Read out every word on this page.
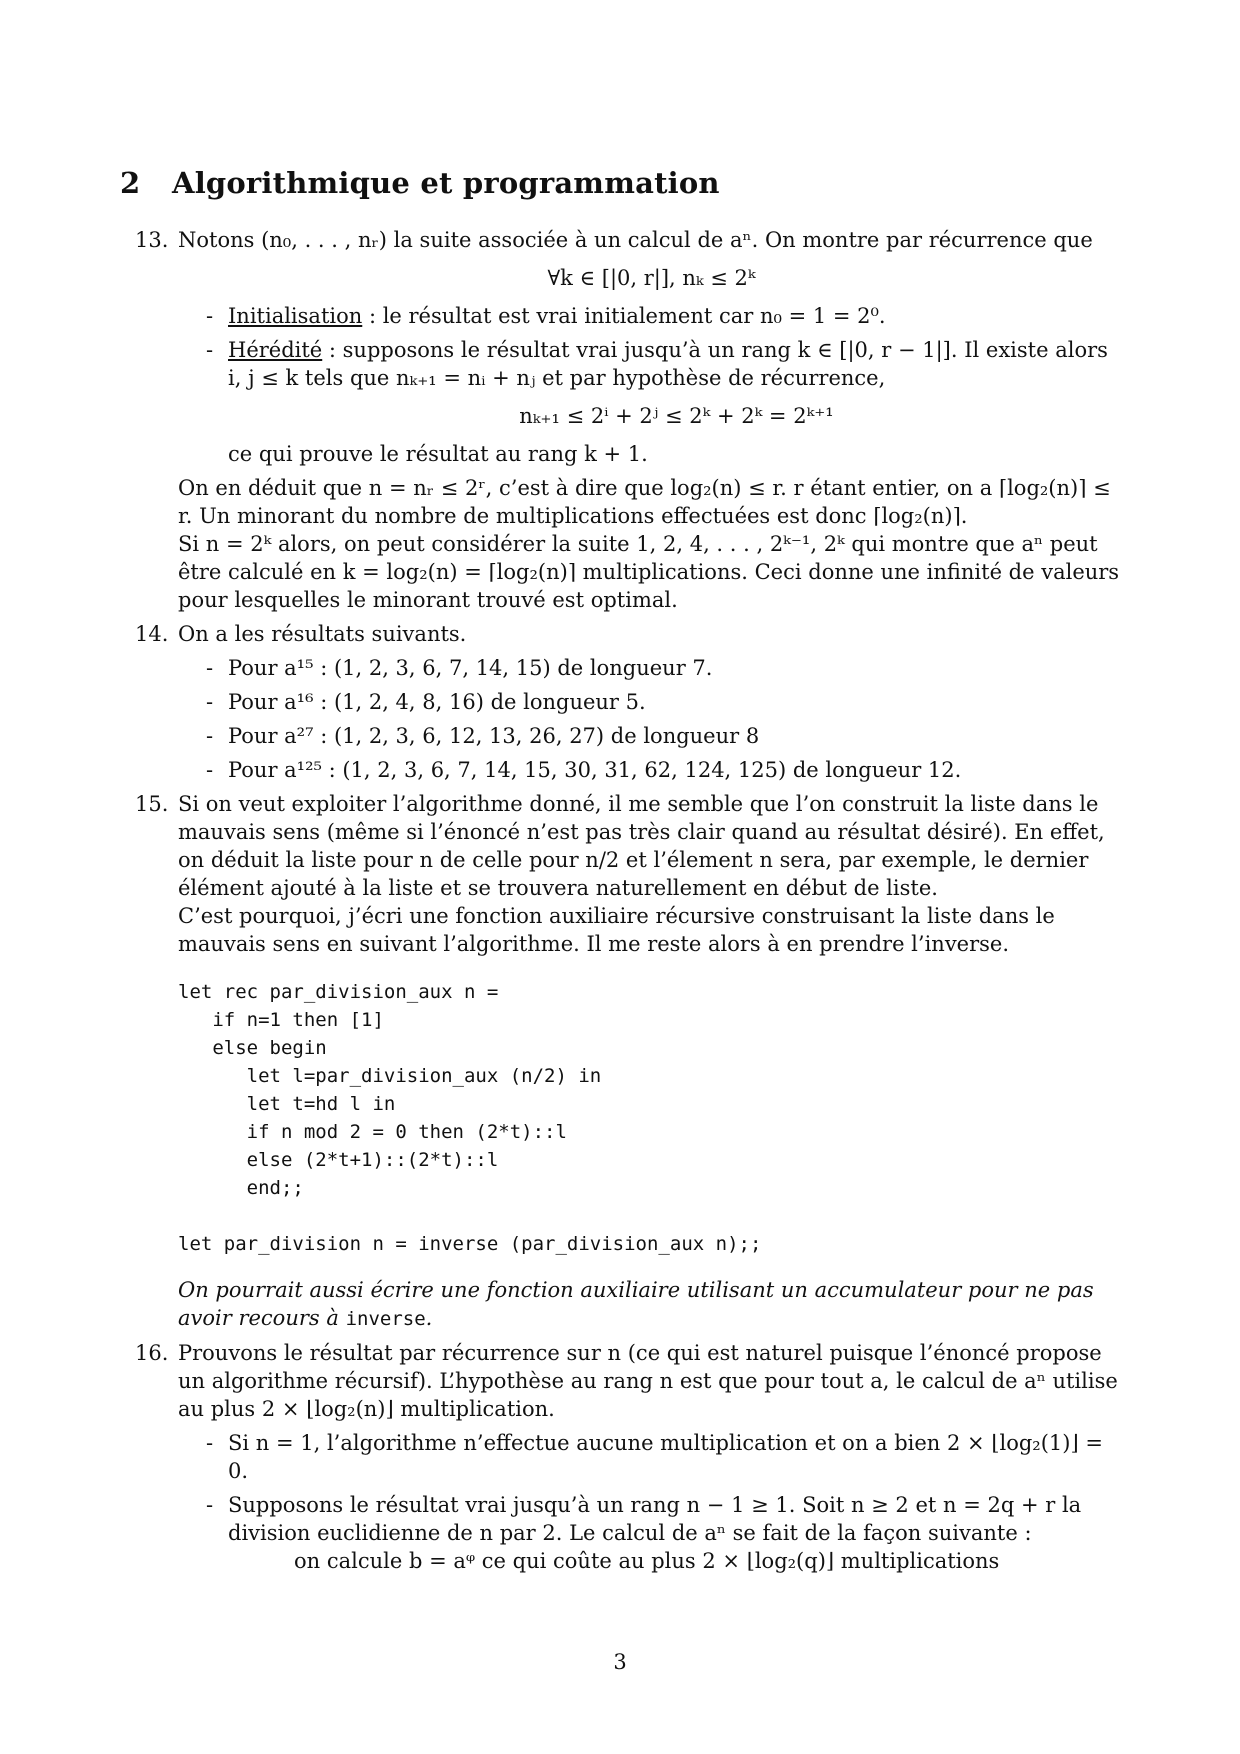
2 Algorithmique et programmation
13. Notons (n₀, . . . , nᵣ) la suite associée à un calcul de aⁿ. On montre par récurrence que

∀k ∈ [|0, r|], nₖ ≤ 2ᵏ

- Initialisation : le résultat est vrai initialement car n₀ = 1 = 2⁰.
- Hérédité : supposons le résultat vrai jusqu’à un rang k ∈ [|0, r − 1|]. Il existe alors i, j ≤ k tels que nₖ₊₁ = nᵢ + nⱼ et par hypothèse de récurrence,

nₖ₊₁ ≤ 2ⁱ + 2ʲ ≤ 2ᵏ + 2ᵏ = 2ᵏ⁺¹

ce qui prouve le résultat au rang k + 1.

On en déduit que n = nᵣ ≤ 2ʳ, c’est à dire que log₂(n) ≤ r. r étant entier, on a ⌈log₂(n)⌉ ≤ r. Un minorant du nombre de multiplications effectuées est donc ⌈log₂(n)⌉.

Si n = 2ᵏ alors, on peut considérer la suite 1, 2, 4, . . . , 2ᵏ⁻¹, 2ᵏ qui montre que aⁿ peut être calculé en k = log₂(n) = ⌈log₂(n)⌉ multiplications. Ceci donne une infinité de valeurs pour lesquelles le minorant trouvé est optimal.

14. On a les résultats suivants.

- Pour a¹⁵ : (1, 2, 3, 6, 7, 14, 15) de longueur 7.
- Pour a¹⁶ : (1, 2, 4, 8, 16) de longueur 5.
- Pour a²⁷ : (1, 2, 3, 6, 12, 13, 26, 27) de longueur 8
- Pour a¹²⁵ : (1, 2, 3, 6, 7, 14, 15, 30, 31, 62, 124, 125) de longueur 12.
15. Si on veut exploiter l’algorithme donné, il me semble que l’on construit la liste dans le mauvais sens (même si l’énoncé n’est pas très clair quand au résultat désiré). En effet, on déduit la liste pour n de celle pour n/2 et l’élement n sera, par exemple, le dernier élément ajouté à la liste et se trouvera naturellement en début de liste.

C’est pourquoi, j’écri une fonction auxiliaire récursive construisant la liste dans le mauvais sens en suivant l’algorithme. Il me reste alors à en prendre l’inverse.

let rec par_division_aux n =
if n=1 then [1]
else begin
let l=par_division_aux (n/2) in
let t=hd l in
if n mod 2 = 0 then (2*t)::l
else (2*t+1)::(2*t)::l
end;;

let par_division n = inverse (par_division_aux n);;

On pourrait aussi écrire une fonction auxiliaire utilisant un accumulateur pour ne pas avoir recours à inverse.

16. Prouvons le résultat par récurrence sur n (ce qui est naturel puisque l’énoncé propose un algorithme récursif). L’hypothèse au rang n est que pour tout a, le calcul de aⁿ utilise au plus 2 × ⌊log₂(n)⌋ multiplication.

- Si n = 1, l’algorithme n’effectue aucune multiplication et on a bien 2 × ⌊log₂(1)⌋ = 0.
- Supposons le résultat vrai jusqu’à un rang n − 1 ≥ 1. Soit n ≥ 2 et n = 2q + r la division euclidienne de n par 2. Le calcul de aⁿ se fait de la façon suivante :

on calcule b = aᵠ ce qui coûte au plus 2 × ⌊log₂(q)⌋ multiplications

3
